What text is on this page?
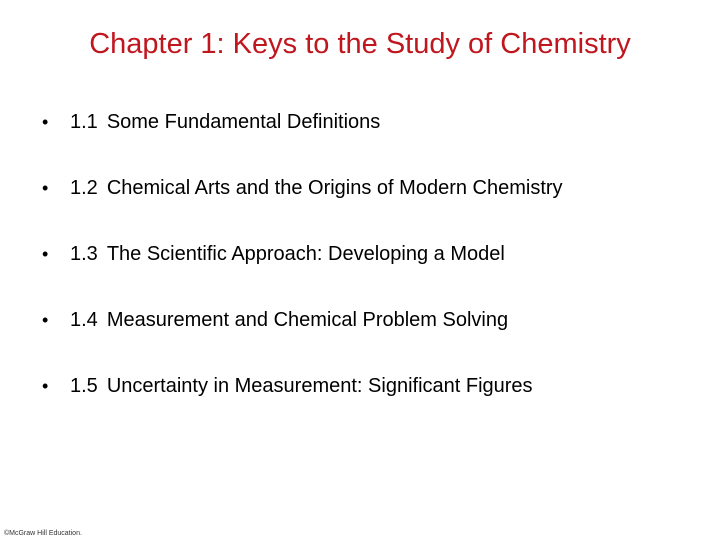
Chapter 1: Keys to the Study of Chemistry
• 1.1 Some Fundamental Definitions
• 1.2 Chemical Arts and the Origins of Modern Chemistry
• 1.3 The Scientific Approach: Developing a Model
• 1.4 Measurement and Chemical Problem Solving
• 1.5 Uncertainty in Measurement: Significant Figures
©McGraw Hill Education.
